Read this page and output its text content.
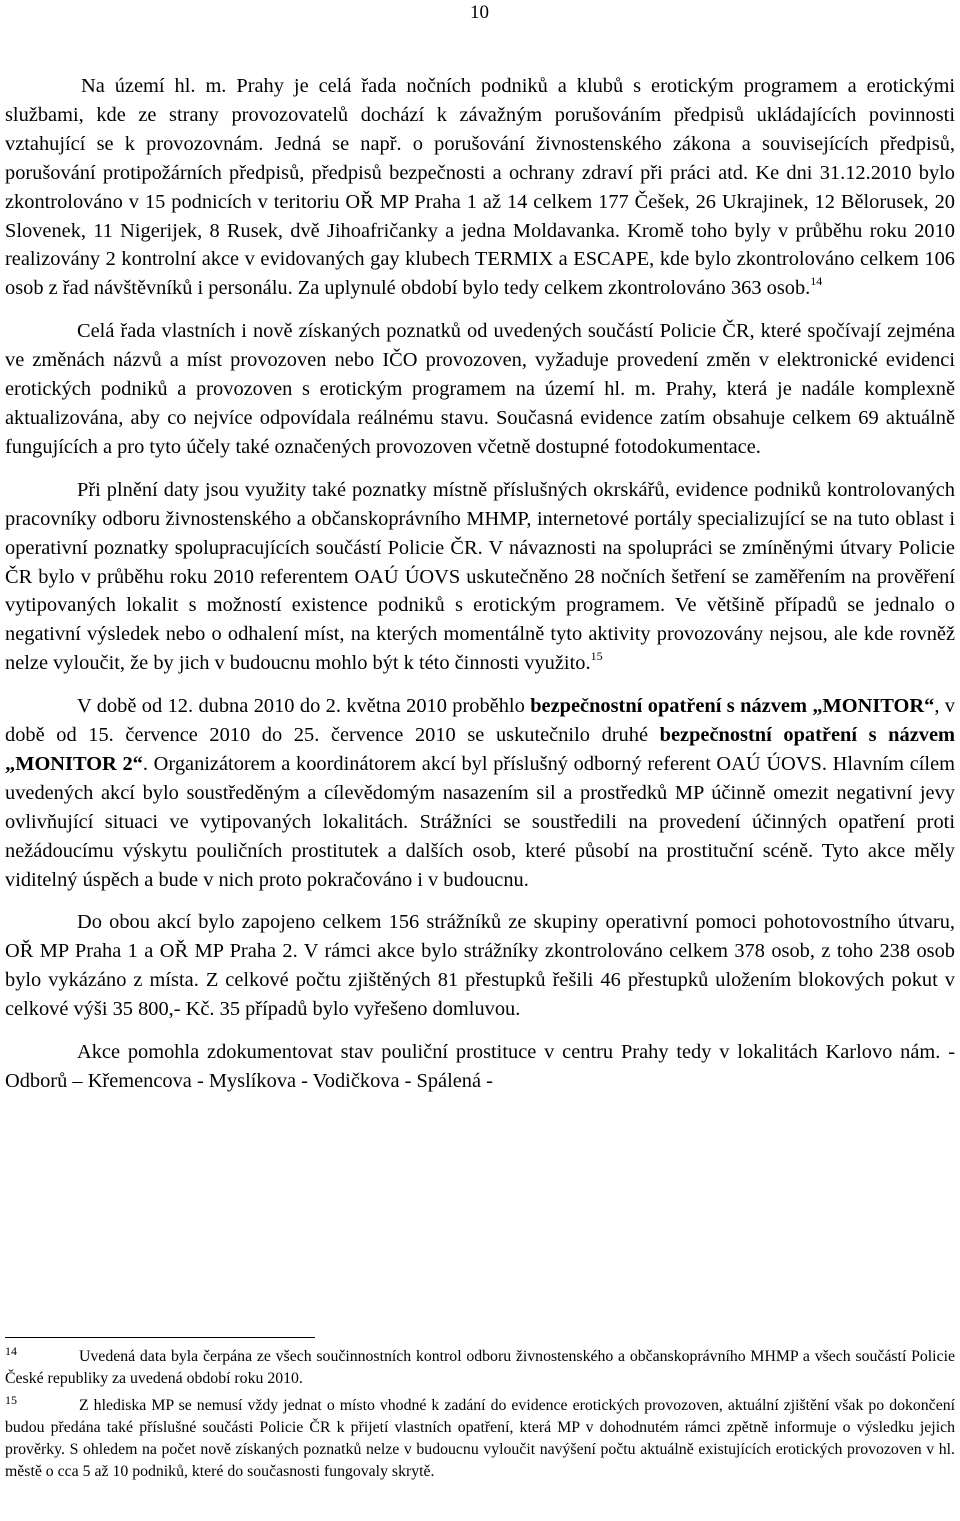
10

Na území hl. m. Prahy je celá řada nočních podniků a klubů s erotickým programem a erotickými službami, kde ze strany provozovatelů dochází k závažným porušováním předpisů ukládajících povinnosti vztahující se k provozovnám. Jedná se např. o porušování živnostenského zákona a souvisejících předpisů, porušování protipožárních předpisů, předpisů bezpečnosti a ochrany zdraví při práci atd. Ke dni 31.12.2010 bylo zkontrolováno v 15 podnicích v teritoriu OŘ MP Praha 1 až 14 celkem 177 Češek, 26 Ukrajinek, 12 Bělorusek, 20 Slovenek, 11 Nigerijek, 8 Rusek, dvě Jihoafričanky a jedna Moldavanka. Kromě toho byly v průběhu roku 2010 realizovány 2 kontrolní akce v evidovaných gay klubech TERMIX a ESCAPE, kde bylo zkontrolováno celkem 106 osob z řad návštěvníků i personálu. Za uplynulé období bylo tedy celkem zkontrolováno 363 osob.$^{14}$

Celá řada vlastních i nově získaných poznatků od uvedených součástí Policie ČR, které spočívají zejména ve změnách názvů a míst provozoven nebo IČO provozoven, vyžaduje provedení změn v elektronické evidenci erotických podniků a provozoven s erotickým programem na území hl. m. Prahy, která je nadále komplexně aktualizována, aby co nejvíce odpovídala reálnému stavu. Současná evidence zatím obsahuje celkem 69 aktuálně fungujících a pro tyto účely také označených provozoven včetně dostupné fotodokumentace.

Při plnění daty jsou využity také poznatky místně příslušných okrskářů, evidence podniků kontrolovaných pracovníky odboru živnostenského a občanskoprávního MHMP, internetové portály specializující se na tuto oblast i operativní poznatky spolupracujících součástí Policie ČR. V návaznosti na spolupráci se zmíněnými útvary Policie ČR bylo v průběhu roku 2010 referentem OAÚ ÚOVS uskutečněno 28 nočních šetření se zaměřením na prověření vytipovaných lokalit s možností existence podniků s erotickým programem. Ve většině případů se jednalo o negativní výsledek nebo o odhalení míst, na kterých momentálně tyto aktivity provozovány nejsou, ale kde rovněž nelze vyloučit, že by jich v budoucnu mohlo být k této činnosti využito.$^{15}$

V době od 12. dubna 2010 do 2. května 2010 proběhlo bezpečnostní opatření s názvem „MONITOR“, v době od 15. července 2010 do 25. července 2010 se uskutečnilo druhé bezpečnostní opatření s názvem „MONITOR 2“. Organizátorem a koordinátorem akcí byl příslušný odborný referent OAÚ ÚOVS. Hlavním cílem uvedených akcí bylo soustředěným a cílevědomým nasazením sil a prostředků MP účinně omezit negativní jevy ovlivňující situaci ve vytipovaných lokalitách. Strážníci se soustředili na provedení účinných opatření proti nežádoucímu výskytu pouličních prostitutek a dalších osob, které působí na prostituční scéně. Tyto akce měly viditelný úspěch a bude v nich proto pokračováno i v budoucnu.

Do obou akcí bylo zapojeno celkem 156 strážníků ze skupiny operativní pomoci pohotovostního útvaru, OŘ MP Praha 1 a OŘ MP Praha 2. V rámci akce bylo strážníky zkontrolováno celkem 378 osob, z toho 238 osob bylo vykázáno z místa. Z celkové počtu zjištěných 81 přestupků řešili 46 přestupků uložením blokových pokut v celkové výši 35 800,- Kč. 35 případů bylo vyřešeno domluvou.

Akce pomohla zdokumentovat stav pouliční prostituce v centru Prahy tedy v lokalitách Karlovo nám. - Odborů – Křemencova - Myslíkova - Vodičkova - Spálená -

$^{14}$	Uvedená data byla čerpána ze všech součinnostních kontrol odboru živnostenského a občanskoprávního MHMP a všech součástí Policie České republiky za uvedená období roku 2010.

$^{15}$	Z hlediska MP se nemusí vždy jednat o místo vhodné k zadání do evidence erotických provozoven, aktuální zjištění však po dokončení budou předána také příslušné součásti Policie ČR k přijetí vlastních opatření, která MP v dohodnutém rámci zpětně informuje o výsledku jejich prověrky. S ohledem na počet nově získaných poznatků nelze v budoucnu vyloučit navýšení počtu aktuálně existujících erotických provozoven v hl. městě o cca 5 až 10 podniků, které do současnosti fungovaly skrytě.
